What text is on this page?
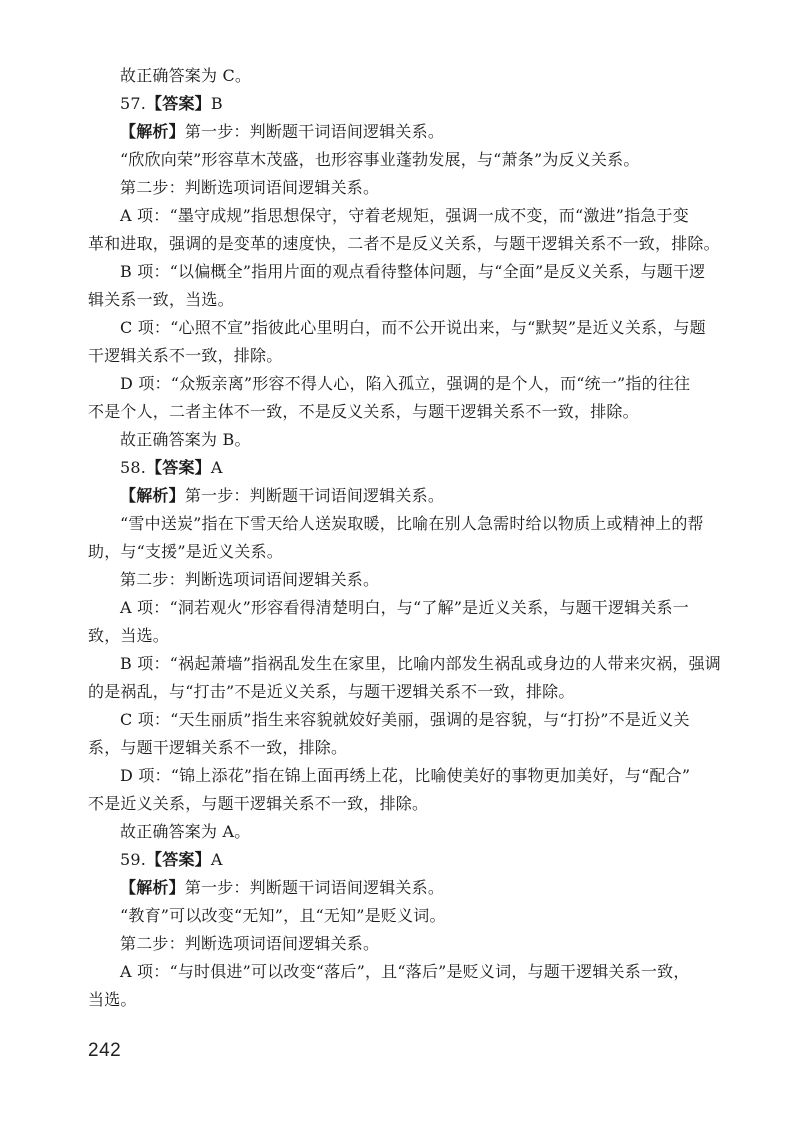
故正确答案为 C。
57.【答案】B
【解析】第一步：判断题干词语间逻辑关系。
“欣欣向荣”形容草木茂盛，也形容事业蓬勃发展，与“萧条”为反义关系。
第二步：判断选项词语间逻辑关系。
A 项：“墨守成规”指思想保守，守着老规矩，强调一成不变，而“激进”指急于变
革和进取，强调的是变革的速度快，二者不是反义关系，与题干逻辑关系不一致，排除。
B 项：“以偏概全”指用片面的观点看待整体问题，与“全面”是反义关系，与题干逻
辑关系一致，当选。
C 项：“心照不宣”指彼此心里明白，而不公开说出来，与“默契”是近义关系，与题
干逻辑关系不一致，排除。
D 项：“众叛亲离”形容不得人心，陷入孤立，强调的是个人，而“统一”指的往往
不是个人，二者主体不一致，不是反义关系，与题干逻辑关系不一致，排除。
故正确答案为 B。
58.【答案】A
【解析】第一步：判断题干词语间逻辑关系。
“雪中送炭”指在下雪天给人送炭取暖，比喻在别人急需时给以物质上或精神上的帮
助，与“支援”是近义关系。
第二步：判断选项词语间逻辑关系。
A 项：“洞若观火”形容看得清楚明白，与“了解”是近义关系，与题干逻辑关系一
致，当选。
B 项：“祸起萧墙”指祸乱发生在家里，比喻内部发生祸乱或身边的人带来灾祸，强调
的是祸乱，与“打击”不是近义关系，与题干逻辑关系不一致，排除。
C 项：“天生丽质”指生来容貌就姣好美丽，强调的是容貌，与“打扮”不是近义关
系，与题干逻辑关系不一致，排除。
D 项：“锦上添花”指在锦上面再绣上花，比喻使美好的事物更加美好，与“配合”
不是近义关系，与题干逻辑关系不一致，排除。
故正确答案为 A。
59.【答案】A
【解析】第一步：判断题干词语间逻辑关系。
“教育”可以改变“无知”，且“无知”是贬义词。
第二步：判断选项词语间逻辑关系。
A 项：“与时俱进”可以改变“落后”，且“落后”是贬义词，与题干逻辑关系一致，
当选。
242
